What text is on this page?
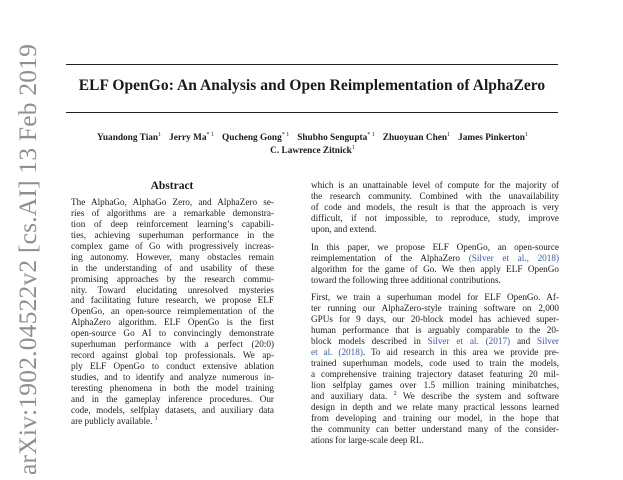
ELF OpenGo: An Analysis and Open Reimplementation of AlphaZero
Yuandong Tian$^1$ Jerry Ma$^{* 1}$ Qucheng Gong$^{* 1}$ Shubho Sengupta$^{* 1}$ Zhuoyuan Chen$^1$ James Pinkerton$^1$
C. Lawrence Zitnick$^1$
Abstract
The AlphaGo, AlphaGo Zero, and AlphaZero se-
ries of algorithms are a remarkable demonstra-
tion of deep reinforcement learning’s capabili-
ties, achieving superhuman performance in the
complex game of Go with progressively increas-
ing autonomy. However, many obstacles remain
in the understanding of and usability of these
promising approaches by the research commu-
nity. Toward elucidating unresolved mysteries
and facilitating future research, we propose ELF
OpenGo, an open-source reimplementation of the
AlphaZero algorithm. ELF OpenGo is the first
open-source Go AI to convincingly demonstrate
superhuman performance with a perfect (20:0)
record against global top professionals. We ap-
ply ELF OpenGo to conduct extensive ablation
studies, and to identify and analyze numerous in-
teresting phenomena in both the model training
and in the gameplay inference procedures. Our
code, models, selfplay datasets, and auxiliary data
are publicly available. $^1$
which is an unattainable level of compute for the majority of
the research community. Combined with the unavailability
of code and models, the result is that the approach is very
difficult, if not impossible, to reproduce, study, improve
upon, and extend.
In this paper, we propose ELF OpenGo, an open-source
reimplementation of the AlphaZero (Silver et al., 2018)
algorithm for the game of Go. We then apply ELF OpenGo
toward the following three additional contributions.
First, we train a superhuman model for ELF OpenGo. Af-
ter running our AlphaZero-style training software on 2,000
GPUs for 9 days, our 20-block model has achieved super-
human performance that is arguably comparable to the 20-
block models described in Silver et al. (2017) and Silver
et al. (2018). To aid research in this area we provide pre-
trained superhuman models, code used to train the models,
a comprehensive training trajectory dataset featuring 20 mil-
lion selfplay games over 1.5 million training minibatches,
and auxiliary data. $^2$ We describe the system and software
design in depth and we relate many practical lessons learned
from developing and training our model, in the hope that
the community can better understand many of the consider-
ations for large-scale deep RL.
arXiv:1902.04522v2 [cs.AI] 13 Feb 2019
